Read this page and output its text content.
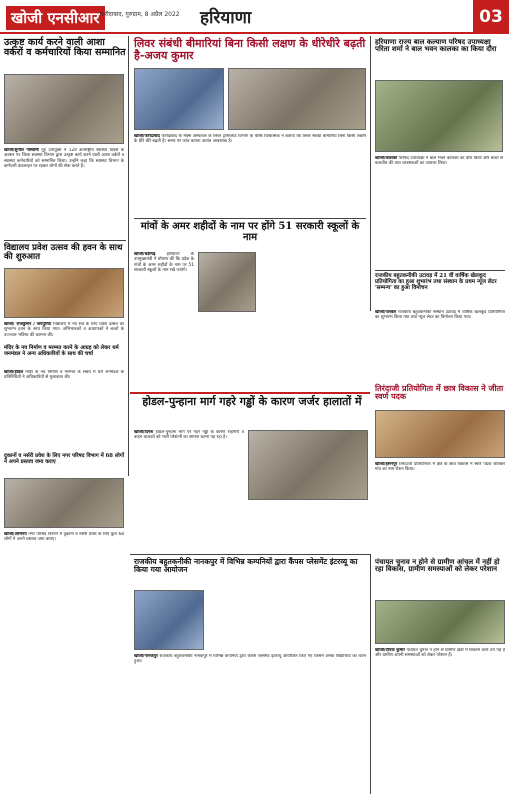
खोजी एनसीआर फरीदाबाद, गुरुग्राम, 8 अप्रैल 2022 हरियाणा	03
उत्कृष्ट कार्य करने वाली आशा वर्करों व कर्मचारियों किया सम्मानित
खोजी/सुनील गोस्वामी नूंह उपायुक्त ने 12वें अंतर्राष्ट्रीय स्वास्थ्य दिवस के अवसर पर जिला स्वास्थ्य विभाग द्वारा उत्कृष्ट कार्य करने वाली आशा वर्करों व स्वास्थ्य कर्मचारियों को सम्मानित किया। उन्होंने कहा कि स्वास्थ्य विभाग के कर्मचारी फ्रंटलाइन पर रहकर लोगों की सेवा करते हैं।
लिवर संबंधी बीमारियां बिना किसी लक्षण के धीरेधीरे बढ़ती है-अजय कुमार
खोजी/फरीदाबाद फरीदाबाद के मैक्स अस्पताल के लिवर ट्रांसप्लांट विभाग के वरिष्ठ चिकित्सक ने बताया कि लिवर संबंधी बीमारियां बिना किसी लक्षण के धीरे धीरे बढ़ती हैं। समय पर जांच कराना अत्यंत आवश्यक है।
हरियाणा राज्य बाल कल्याण परिषद उपाध्यक्षा परिता शर्मा ने बाल भवन कालका का किया दौरा
खोजी/कालका परिषद उपाध्यक्षा ने बाल भवन कालका का दौरा किया और बच्चों से बातचीत की तथा व्यवस्थाओं का जायजा लिया।
विद्यालय प्रवेश उत्सव की हवन के साथ की शुरुआत
खोजी/ राजकुमार / जयपुरिया विद्यालय में नए सत्र के लिए प्रवेश उत्सव का शुभारंभ हवन के साथ किया गया। अभिभावकों व अध्यापकों ने बच्चों के उज्ज्वल भविष्य की कामना की।
मंदिर के नव निर्माण व मरम्मत करने के आग्रह को लेकर धर्म जनमंडल ने अन्य अधिकारियों के साथ की चर्चा
खोजी/होडल मंदिर के नव निर्माण व मरम्मत के संबंध में धर्म जनमंडल के प्रतिनिधियों ने अधिकारियों से मुलाकात की।
दुकानों व नर्सरी प्रवेश के लिए नगर परिषद विभाग में 68 लोगों ने अपने प्रस्ताव जमा कराए
खोजी/अभिनय नगर परिषद विभाग में दुकानों व नर्सरी प्रवेश के लिए कुल 68 लोगों ने अपने प्रस्ताव जमा कराए।
मांवों के अमर शहीदों के नाम पर होंगे 51 सरकारी स्कूलों के नाम
खोजी/चंडीगढ़	हरियाणा के उपमुख्यमंत्री ने घोषणा की कि प्रदेश के गांवों के अमर शहीदों के नाम पर 51 सरकारी स्कूलों के नाम रखे जाएंगे।
राजकीय बहुतकनीकी उटावड़ में 21 वीं वार्षिक खेलकूद प्रतियोगिता का हुआ शुभारंभ तथा संस्थान के प्रथम न्यूज लेटर 'सम्मन्य' का हुआ विमोचन
खोजी/पलवल राजकीय बहुतकनीकी संस्थान उटावड़ में वार्षिक खेलकूद प्रतियोगिता का शुभारंभ किया गया तथा न्यूज लेटर का विमोचन किया गया।
तिरंदाजी प्रतियोगिता में छात्र विकास ने जीता स्वर्ण पदक
खोजी/हसनपुर तिरंदाजी प्रतियोगिता में क्षेत्र के छात्र विकास ने स्वर्ण पदक जीतकर गांव का नाम रोशन किया।
होडल-पुन्हाना मार्ग गहरे गड्ढों के कारण जर्जर हालातों में
खोजी/दिनेश होडल-पुन्हाना मार्ग पर गहरे गड्ढों के कारण राहगीरों व वाहन चालकों को भारी परेशानी का सामना करना पड़ रहा है।
राजकीय बहुतकनीकी नानकपुर में विभिन्न कम्पनियों द्वारा कैंपस प्लेसमेंट इंटरव्यू का किया गया आयोजन
खोजी/नानकपुर राजकीय बहुतकनीकी नानकपुर में विभिन्न कंपनियों द्वारा कैंपस प्लेसमेंट इंटरव्यू आयोजित किए गए जिसमें अनेक विद्यार्थियों का चयन हुआ।
पंचायत चुनाव न होने से ग्रामीण आंचल में नहीं हो रहा विकास, ग्रामीण समस्याओं को लेकर परेशान
खोजी/दीपक कुमार पंचायत चुनाव न होने से ग्रामीण क्षेत्रों में विकास कार्य ठप पड़े हैं और ग्रामीण अपनी समस्याओं को लेकर परेशान हैं।
